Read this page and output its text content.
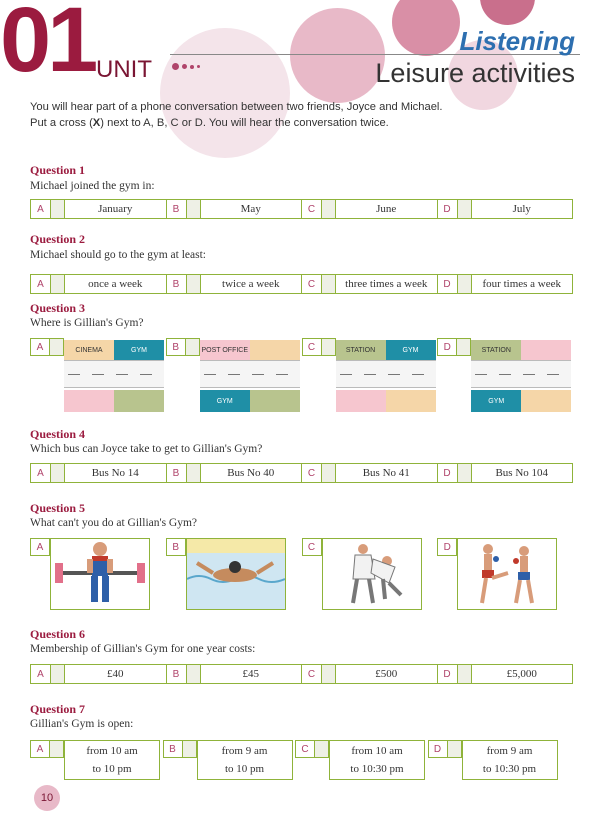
01 UNIT
Listening
Leisure activities
You will hear part of a phone conversation between two friends, Joyce and Michael.
Put a cross (X) next to A, B, C or D. You will hear the conversation twice.
Question 1
Michael joined the gym in:
A	January	B	May	C	June	D	July
Question 2
Michael should go to the gym at least:
A	once a week	B	twice a week	C	three times a week	D	four times a week
Question 3
Where is Gillian's Gym?
A	CINEMA	GYM	B	POST OFFICE
GYM
C	STATION	GYM	D	STATION
GYM
Question 4
Which bus can Joyce take to get to Gillian's Gym?
A	Bus No 14	B	Bus No 40	C	Bus No 41	D	Bus No 104
Question 5
What can't you do at Gillian's Gym?
A	B	C	D
Question 6
Membership of Gillian's Gym for one year costs:
A	£40	B	£45	C	£500	D	£5,000
Question 7
Gillian's Gym is open:
A	from 10 am
to 10 pm
B	from 9 am
to 10 pm
C	from 10 am
to 10:30 pm
D	from 9 am
to 10:30 pm
10
